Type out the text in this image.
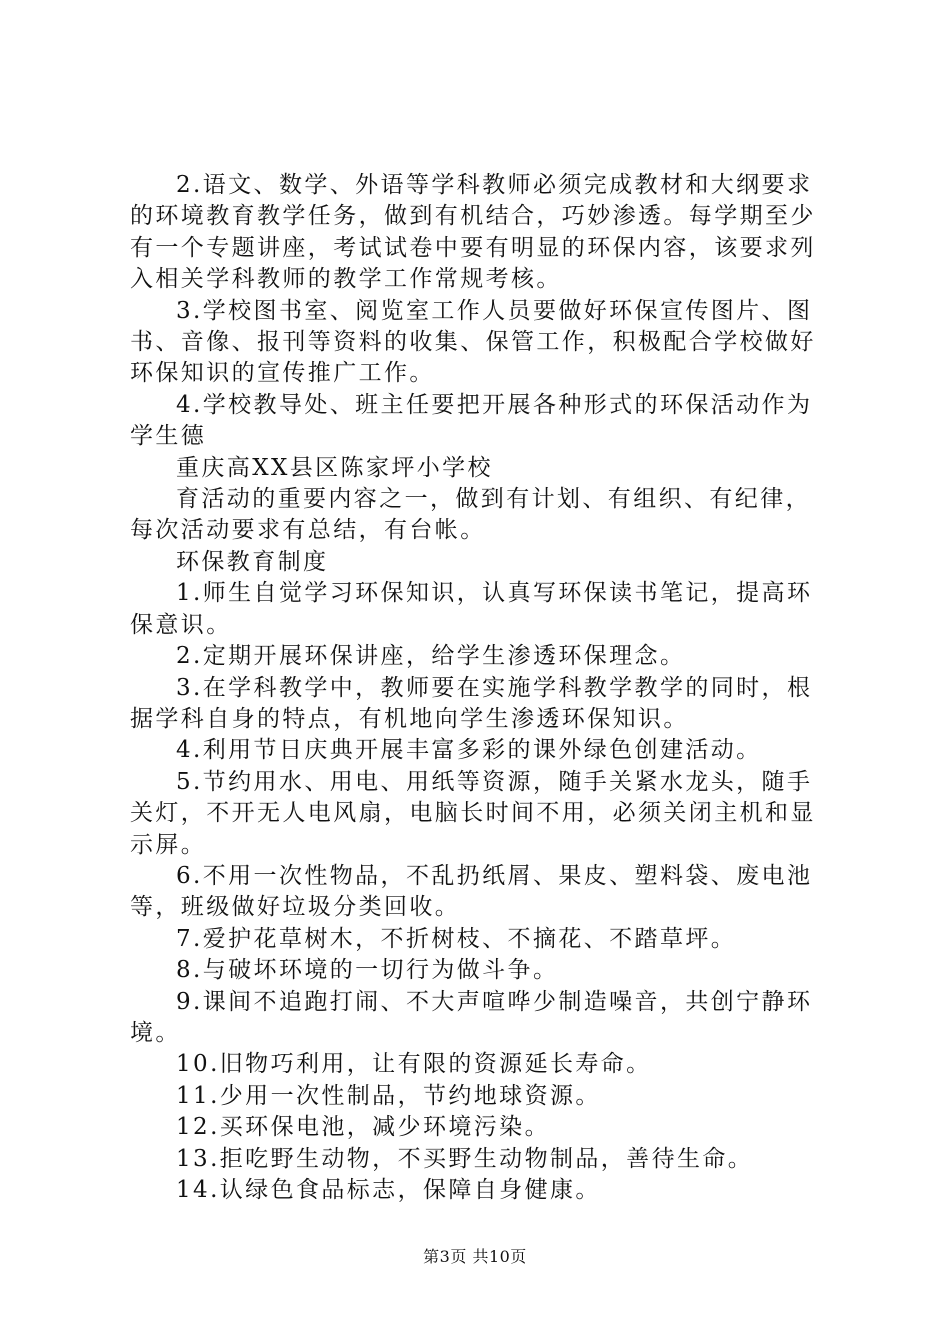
2.语文、数学、外语等学科教师必须完成教材和大纲要求
的环境教育教学任务，做到有机结合，巧妙渗透。每学期至少
有一个专题讲座，考试试卷中要有明显的环保内容，该要求列
入相关学科教师的教学工作常规考核。
3.学校图书室、阅览室工作人员要做好环保宣传图片、图
书、音像、报刊等资料的收集、保管工作，积极配合学校做好
环保知识的宣传推广工作。
4.学校教导处、班主任要把开展各种形式的环保活动作为
学生德
重庆高XX县区陈家坪小学校
育活动的重要内容之一，做到有计划、有组织、有纪律，
每次活动要求有总结，有台帐。
环保教育制度
1.师生自觉学习环保知识，认真写环保读书笔记，提高环
保意识。
2.定期开展环保讲座，给学生渗透环保理念。
3.在学科教学中，教师要在实施学科教学教学的同时，根
据学科自身的特点，有机地向学生渗透环保知识。
4.利用节日庆典开展丰富多彩的课外绿色创建活动。
5.节约用水、用电、用纸等资源，随手关紧水龙头，随手
关灯，不开无人电风扇，电脑长时间不用，必须关闭主机和显
示屏。
6.不用一次性物品，不乱扔纸屑、果皮、塑料袋、废电池
等，班级做好垃圾分类回收。
7.爱护花草树木，不折树枝、不摘花、不踏草坪。
8.与破坏环境的一切行为做斗争。
9.课间不追跑打闹、不大声喧哗少制造噪音，共创宁静环
境。
10.旧物巧利用，让有限的资源延长寿命。
11.少用一次性制品，节约地球资源。
12.买环保电池，减少环境污染。
13.拒吃野生动物，不买野生动物制品，善待生命。
14.认绿色食品标志，保障自身健康。
第3页 共10页
